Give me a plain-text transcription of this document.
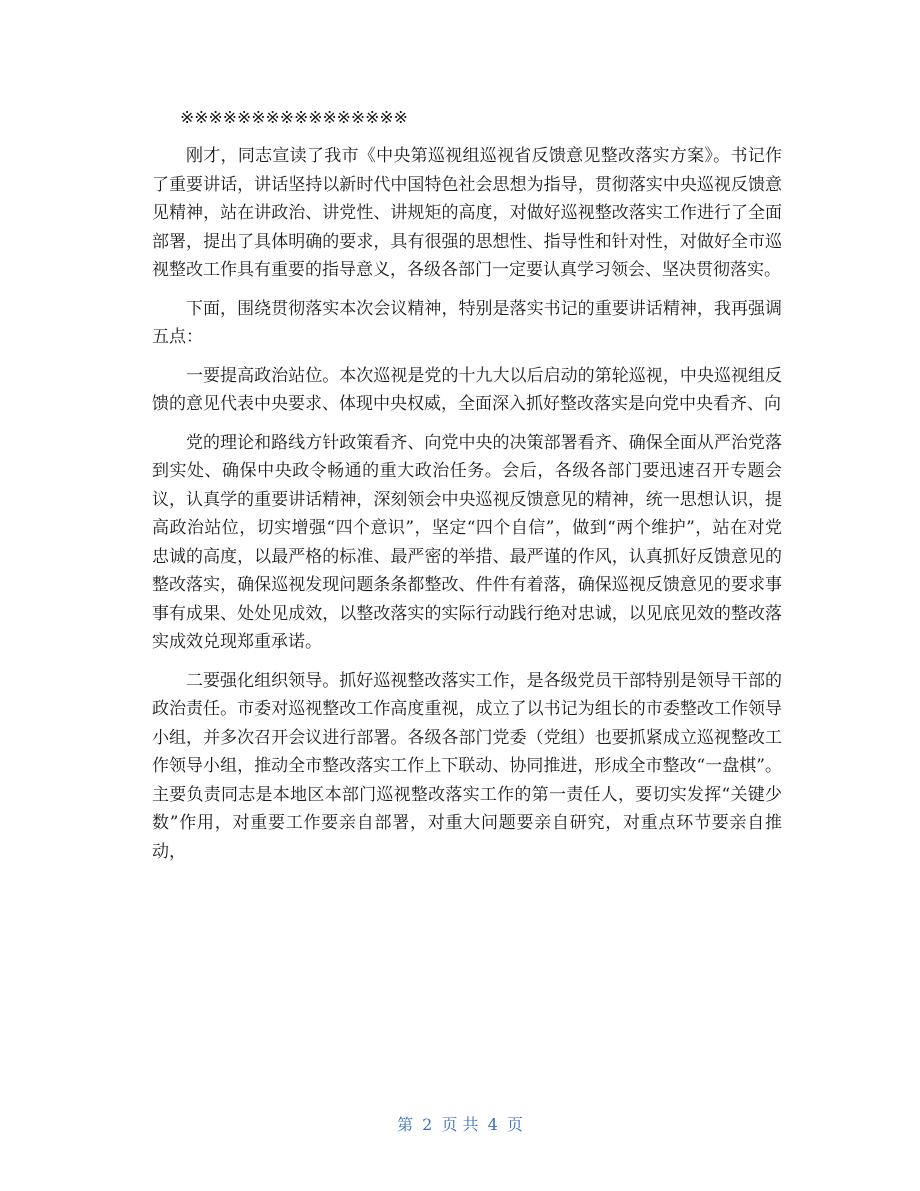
※※※※※※※※※※※※※※※※

刚才，同志宣读了我市《中央第巡视组巡视省反馈意见整改落实方案》。书记作了重要讲话，讲话坚持以新时代中国特色社会思想为指导，贯彻落实中央巡视反馈意见精神，站在讲政治、讲党性、讲规矩的高度，对做好巡视整改落实工作进行了全面部署，提出了具体明确的要求，具有很强的思想性、指导性和针对性，对做好全市巡视整改工作具有重要的指导意义，各级各部门一定要认真学习领会、坚决贯彻落实。

下面，围绕贯彻落实本次会议精神，特别是落实书记的重要讲话精神，我再强调五点：

一要提高政治站位。本次巡视是党的十九大以后启动的第轮巡视，中央巡视组反馈的意见代表中央要求、体现中央权威，全面深入抓好整改落实是向党中央看齐、向

党的理论和路线方针政策看齐、向党中央的决策部署看齐、确保全面从严治党落到实处、确保中央政令畅通的重大政治任务。会后，各级各部门要迅速召开专题会议，认真学的重要讲话精神，深刻领会中央巡视反馈意见的精神，统一思想认识，提高政治站位，切实增强“四个意识”，坚定“四个自信”，做到“两个维护”，站在对党忠诚的高度，以最严格的标准、最严密的举措、最严谨的作风，认真抓好反馈意见的整改落实，确保巡视发现问题条条都整改、件件有着落，确保巡视反馈意见的要求事事有成果、处处见成效，以整改落实的实际行动践行绝对忠诚，以见底见效的整改落实成效兑现郑重承诺。

二要强化组织领导。抓好巡视整改落实工作，是各级党员干部特别是领导干部的政治责任。市委对巡视整改工作高度重视，成立了以书记为组长的市委整改工作领导小组，并多次召开会议进行部署。各级各部门党委（党组）也要抓紧成立巡视整改工作领导小组，推动全市整改落实工作上下联动、协同推进，形成全市整改“一盘棋”。主要负责同志是本地区本部门巡视整改落实工作的第一责任人，要切实发挥“关键少数”作用，对重要工作要亲自部署，对重大问题要亲自研究，对重点环节要亲自推动，

第 2 页 共 4 页
